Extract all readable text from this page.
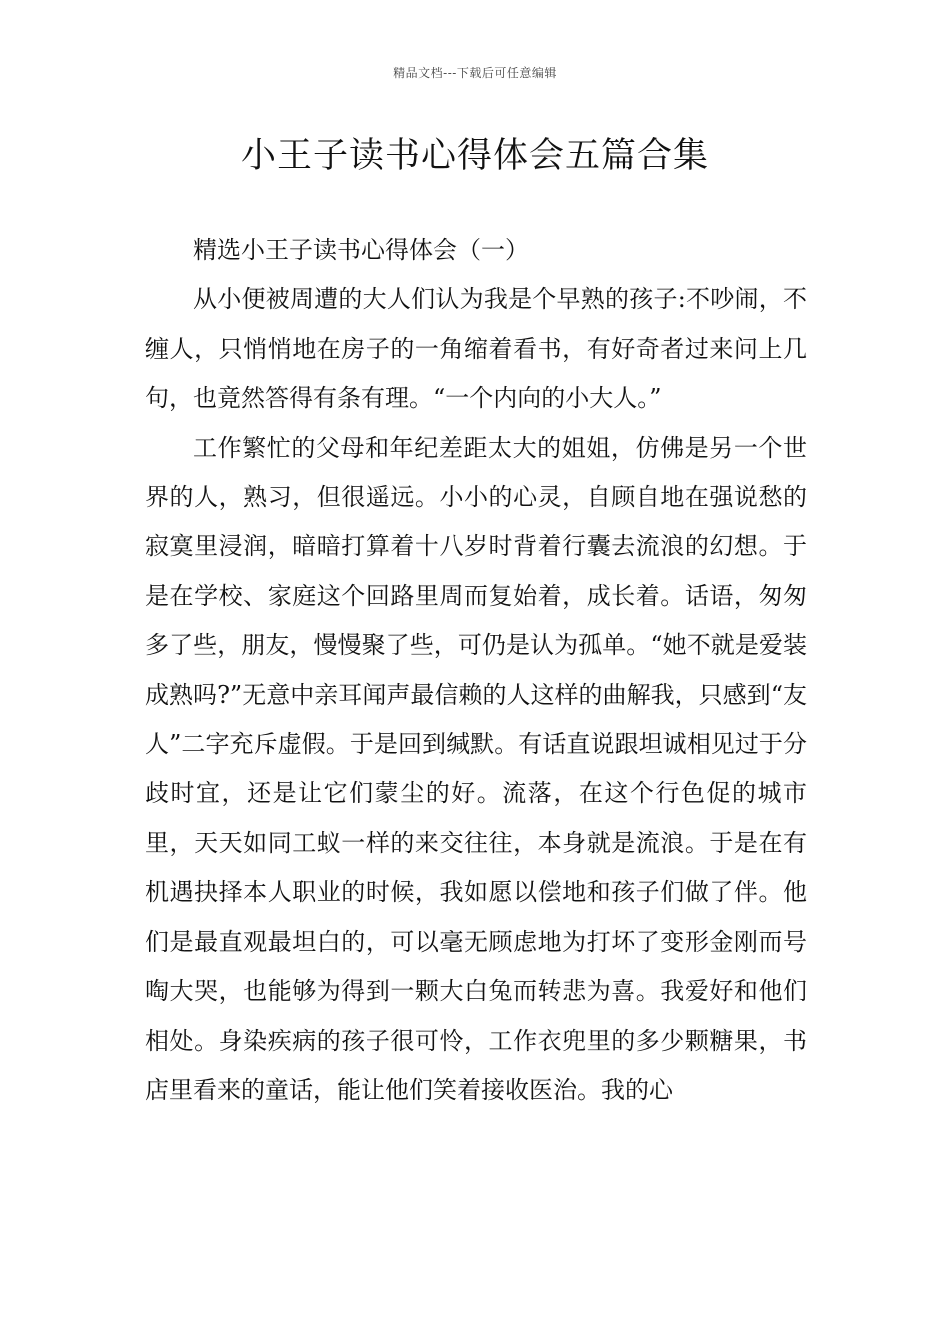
精品文档---下载后可任意编辑
小王子读书心得体会五篇合集

精选小王子读书心得体会（一）

从小便被周遭的大人们认为我是个早熟的孩子:不吵闹，不缠人，只悄悄地在房子的一角缩着看书，有好奇者过来问上几句，也竟然答得有条有理。“一个内向的小大人。”

工作繁忙的父母和年纪差距太大的姐姐，仿佛是另一个世界的人，熟习，但很遥远。小小的心灵，自顾自地在强说愁的寂寞里浸润，暗暗打算着十八岁时背着行囊去流浪的幻想。于是在学校、家庭这个回路里周而复始着，成长着。话语，匆匆多了些，朋友，慢慢聚了些，可仍是认为孤单。“她不就是爱装成熟吗?”无意中亲耳闻声最信赖的人这样的曲解我，只感到“友人”二字充斥虚假。于是回到缄默。有话直说跟坦诚相见过于分歧时宜，还是让它们蒙尘的好。流落，在这个行色促的城市里，天天如同工蚁一样的来交往往，本身就是流浪。于是在有机遇抉择本人职业的时候，我如愿以偿地和孩子们做了伴。他们是最直观最坦白的，可以毫无顾虑地为打坏了变形金刚而号啕大哭，也能够为得到一颗大白兔而转悲为喜。我爱好和他们相处。身染疾病的孩子很可怜，工作衣兜里的多少颗糖果，书店里看来的童话，能让他们笑着接收医治。我的心
